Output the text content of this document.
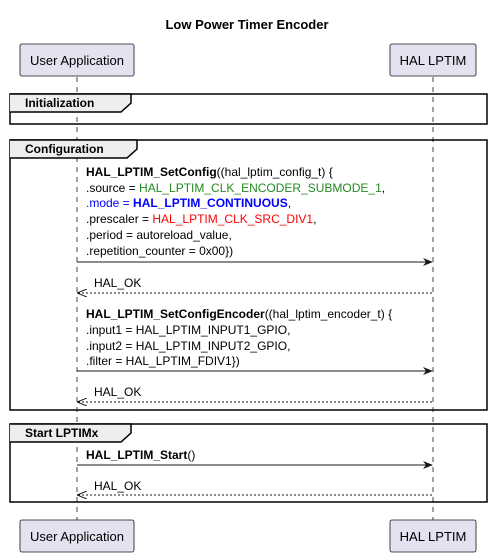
Low Power Timer Encoder
User Application	HAL LPTIM
Initialization
Configuration
HAL_LPTIM_SetConfig((hal_lptim_config_t) {
.source = HAL_LPTIM_CLK_ENCODER_SUBMODE_1,
.mode = HAL_LPTIM_CONTINUOUS,
.prescaler = HAL_LPTIM_CLK_SRC_DIV1,
.period = autoreload_value,
.repetition_counter = 0x00})
HAL_OK
HAL_LPTIM_SetConfigEncoder((hal_lptim_encoder_t) {
.input1 = HAL_LPTIM_INPUT1_GPIO,
.input2 = HAL_LPTIM_INPUT2_GPIO,
.filter = HAL_LPTIM_FDIV1})
HAL_OK
Start LPTIMx
HAL_LPTIM_Start()
HAL_OK
User Application	HAL LPTIM
